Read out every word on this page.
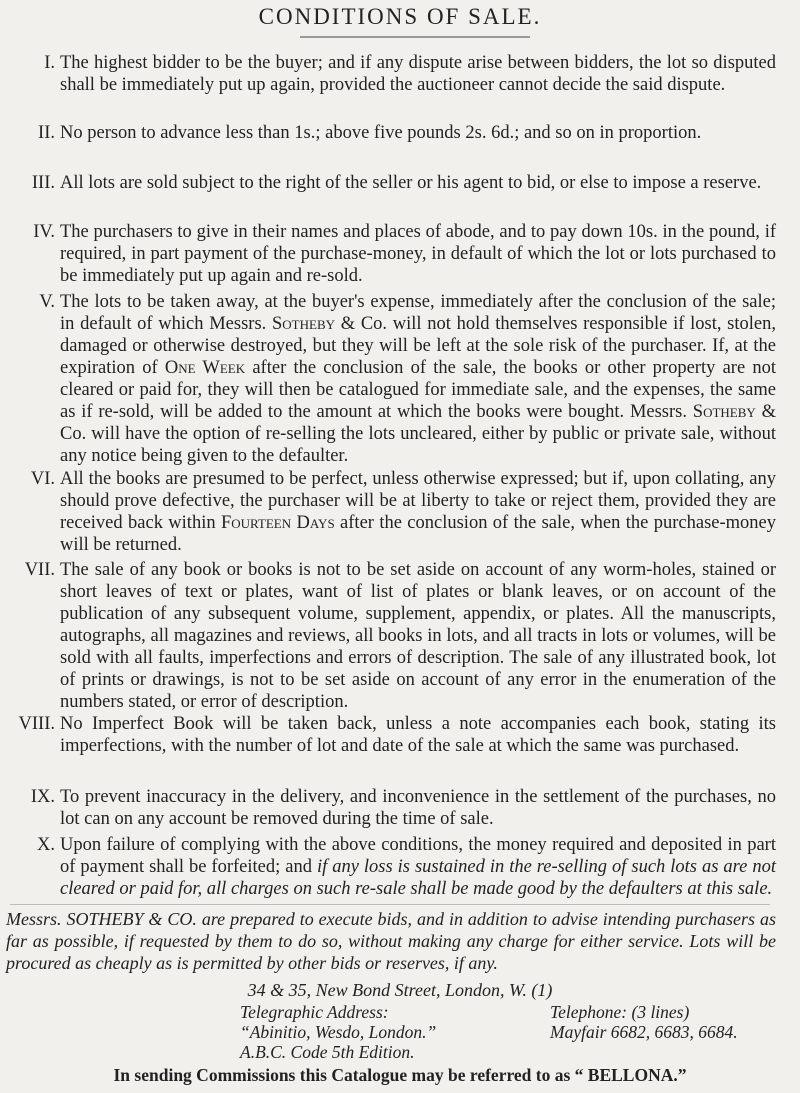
CONDITIONS OF SALE.
I. The highest bidder to be the buyer; and if any dispute arise between bidders, the lot so disputed shall be immediately put up again, provided the auctioneer cannot decide the said dispute.
II. No person to advance less than 1s.; above five pounds 2s. 6d.; and so on in proportion.
III. All lots are sold subject to the right of the seller or his agent to bid, or else to impose a reserve.
IV. The purchasers to give in their names and places of abode, and to pay down 10s. in the pound, if required, in part payment of the purchase-money, in default of which the lot or lots purchased to be immediately put up again and re-sold.
V. The lots to be taken away, at the buyer's expense, immediately after the conclusion of the sale; in default of which Messrs. Sotheby & Co. will not hold themselves responsible if lost, stolen, damaged or otherwise destroyed, but they will be left at the sole risk of the purchaser. If, at the expiration of One Week after the conclusion of the sale, the books or other property are not cleared or paid for, they will then be catalogued for immediate sale, and the expenses, the same as if re-sold, will be added to the amount at which the books were bought. Messrs. Sotheby & Co. will have the option of re-selling the lots uncleared, either by public or private sale, without any notice being given to the defaulter.
VI. All the books are presumed to be perfect, unless otherwise expressed; but if, upon collating, any should prove defective, the purchaser will be at liberty to take or reject them, provided they are received back within Fourteen Days after the conclusion of the sale, when the purchase-money will be returned.
VII. The sale of any book or books is not to be set aside on account of any worm-holes, stained or short leaves of text or plates, want of list of plates or blank leaves, or on account of the publication of any subsequent volume, supplement, appendix, or plates. All the manuscripts, autographs, all magazines and reviews, all books in lots, and all tracts in lots or volumes, will be sold with all faults, imperfections and errors of description. The sale of any illustrated book, lot of prints or drawings, is not to be set aside on account of any error in the enumeration of the numbers stated, or error of description.
VIII. No Imperfect Book will be taken back, unless a note accompanies each book, stating its imperfections, with the number of lot and date of the sale at which the same was purchased.
IX. To prevent inaccuracy in the delivery, and inconvenience in the settlement of the purchases, no lot can on any account be removed during the time of sale.
X. Upon failure of complying with the above conditions, the money required and deposited in part of payment shall be forfeited; and if any loss is sustained in the re-selling of such lots as are not cleared or paid for, all charges on such re-sale shall be made good by the defaulters at this sale.
Messrs. SOTHEBY & CO. are prepared to execute bids, and in addition to advise intending purchasers as far as possible, if requested by them to do so, without making any charge for either service. Lots will be procured as cheaply as is permitted by other bids or reserves, if any.
34 & 35, New Bond Street, London, W. (1)
Telegraphic Address:
“Abinitio, Wesdo, London.”
A.B.C. Code 5th Edition.
Telephone: (3 lines)
Mayfair 6682, 6683, 6684.
In sending Commissions this Catalogue may be referred to as “ BELLONA.”
